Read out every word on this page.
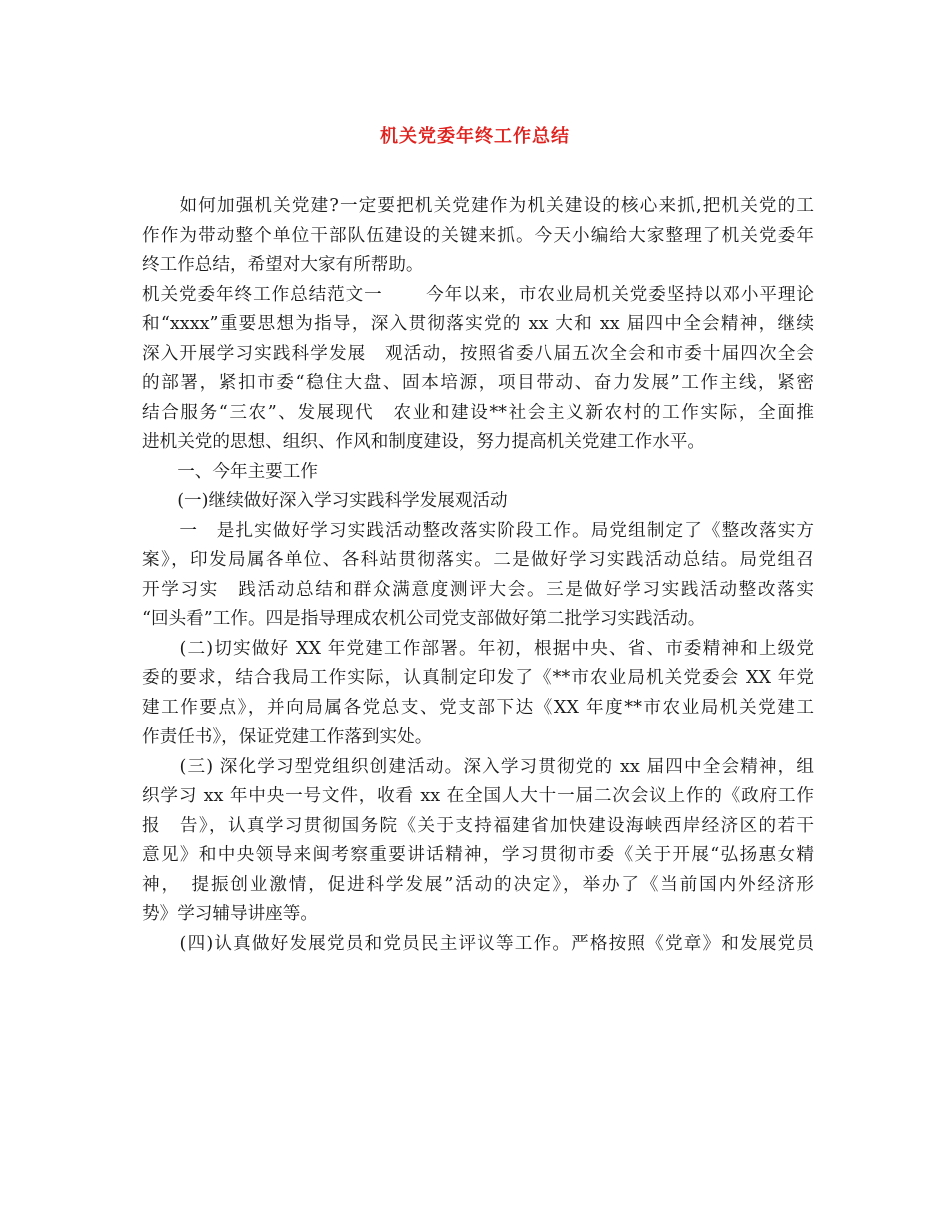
机关党委年终工作总结
　　如何加强机关党建?一定要把机关党建作为机关建设的核心来抓,把机关党的工
作作为带动整个单位干部队伍建设的关键来抓。今天小编给大家整理了机关党委年
终工作总结，希望对大家有所帮助。
机关党委年终工作总结范文一　　 今年以来，市农业局机关党委坚持以邓小平理论
和“xxxx”重要思想为指导，深入贯彻落实党的 xx 大和 xx 届四中全会精神，继续
深入开展学习实践科学发展　观活动，按照省委八届五次全会和市委十届四次全会
的部署，紧扣市委“稳住大盘、固本培源，项目带动、奋力发展”工作主线，紧密
结合服务“三农”、发展现代　农业和建设**社会主义新农村的工作实际，全面推
进机关党的思想、组织、作风和制度建设，努力提高机关党建工作水平。
　　一、今年主要工作
　　(一)继续做好深入学习实践科学发展观活动
　　一　是扎实做好学习实践活动整改落实阶段工作。局党组制定了《整改落实方
案》，印发局属各单位、各科站贯彻落实。二是做好学习实践活动总结。局党组召
开学习实　践活动总结和群众满意度测评大会。三是做好学习实践活动整改落实
“回头看”工作。四是指导理成农机公司党支部做好第二批学习实践活动。
　　(二)切实做好 XX 年党建工作部署。年初，根据中央、省、市委精神和上级党
委的要求，结合我局工作实际，认真制定印发了《**市农业局机关党委会 XX 年党
建工作要点》，并向局属各党总支、党支部下达《XX 年度**市农业局机关党建工
作责任书》，保证党建工作落到实处。
　　(三) 深化学习型党组织创建活动。深入学习贯彻党的 xx 届四中全会精神，组
织学习 xx 年中央一号文件，收看 xx 在全国人大十一届二次会议上作的《政府工作
报　告》，认真学习贯彻国务院《关于支持福建省加快建设海峡西岸经济区的若干
意见》和中央领导来闽考察重要讲话精神，学习贯彻市委《关于开展“弘扬惠女精
神，　提振创业激情，促进科学发展”活动的决定》，举办了《当前国内外经济形
势》学习辅导讲座等。
　　(四)认真做好发展党员和党员民主评议等工作。严格按照《党章》和发展党员
